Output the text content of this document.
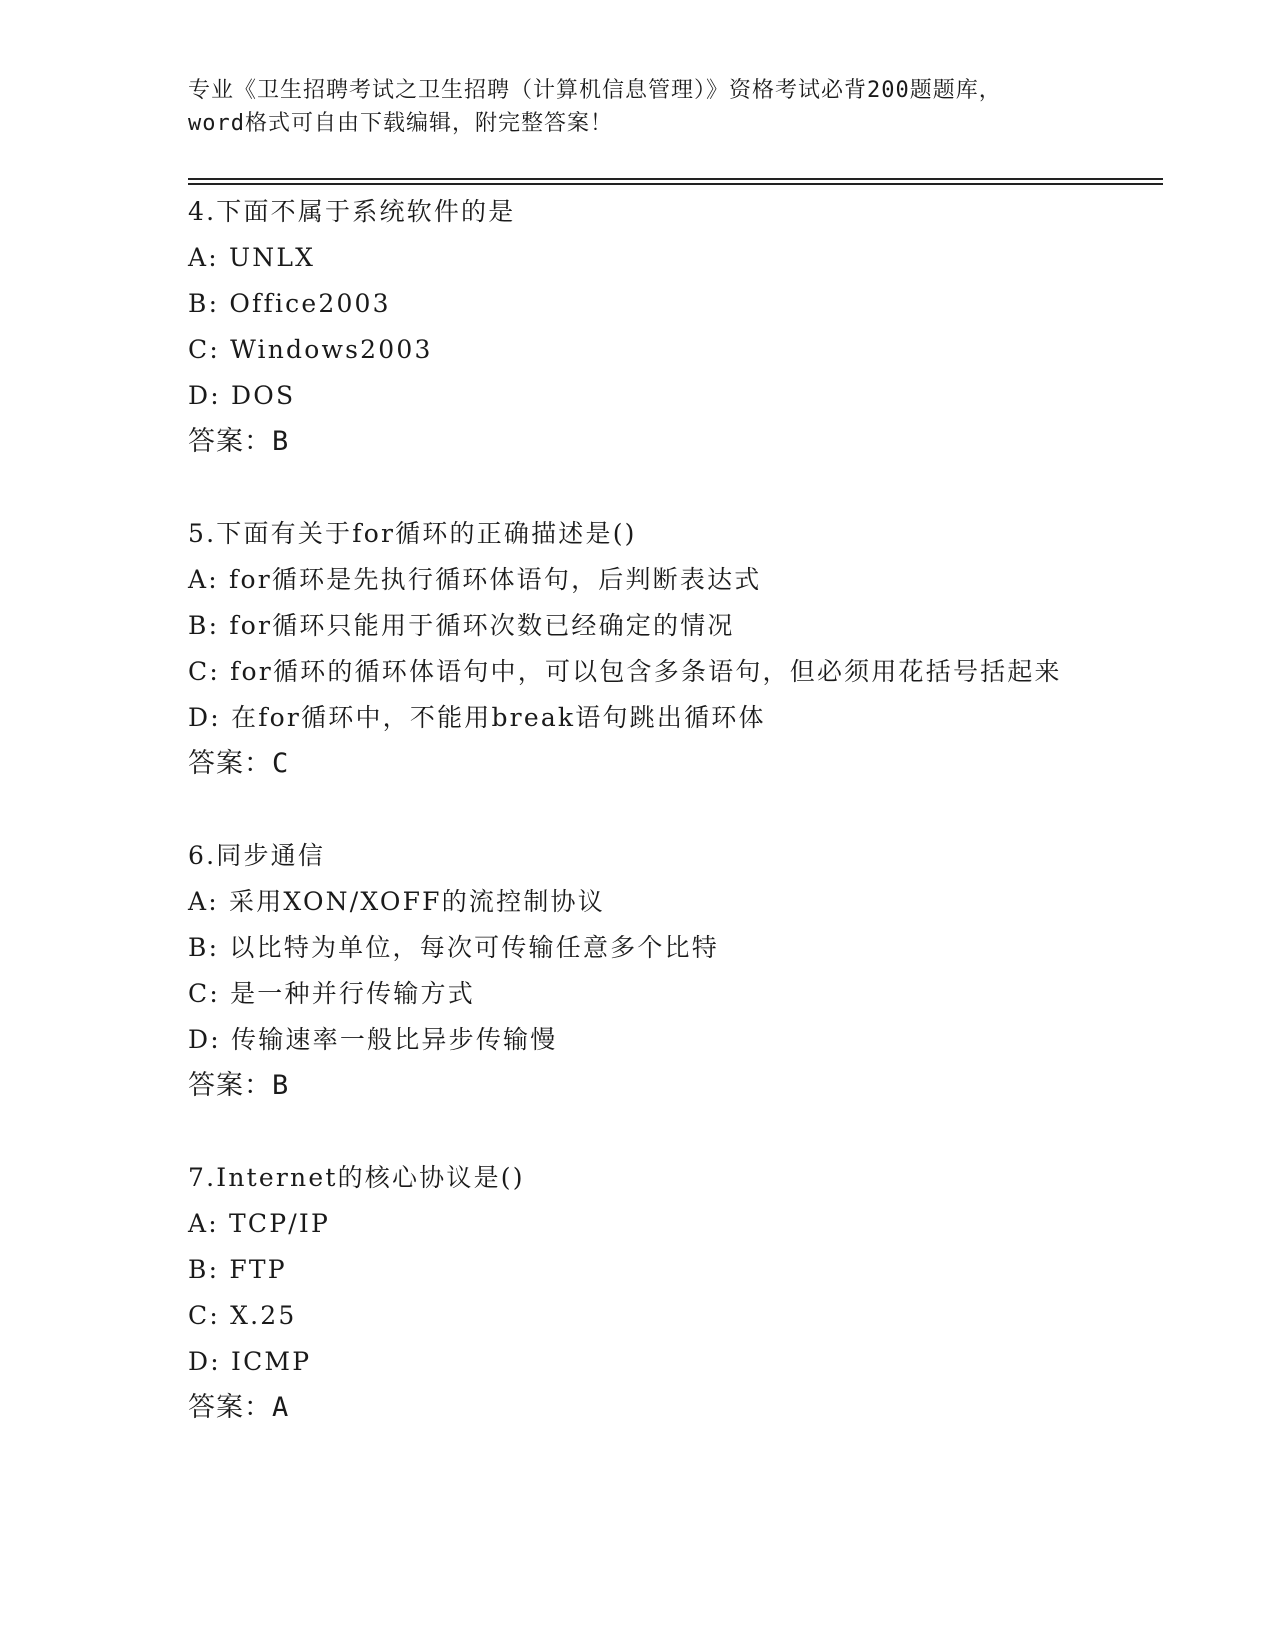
专业《卫生招聘考试之卫生招聘（计算机信息管理）》资格考试必背200题题库，
word格式可自由下载编辑，附完整答案！
4.下面不属于系统软件的是
A: UNLX
B: Office2003
C: Windows2003
D: DOS
答案：B
5.下面有关于for循环的正确描述是()
A: for循环是先执行循环体语句，后判断表达式
B: for循环只能用于循环次数已经确定的情况
C: for循环的循环体语句中，可以包含多条语句，但必须用花括号括起来
D: 在for循环中，不能用break语句跳出循环体
答案：C
6.同步通信
A: 采用XON/XOFF的流控制协议
B: 以比特为单位，每次可传输任意多个比特
C: 是一种并行传输方式
D: 传输速率一般比异步传输慢
答案：B
7.Internet的核心协议是()
A: TCP/IP
B: FTP
C: X.25
D: ICMP
答案：A
